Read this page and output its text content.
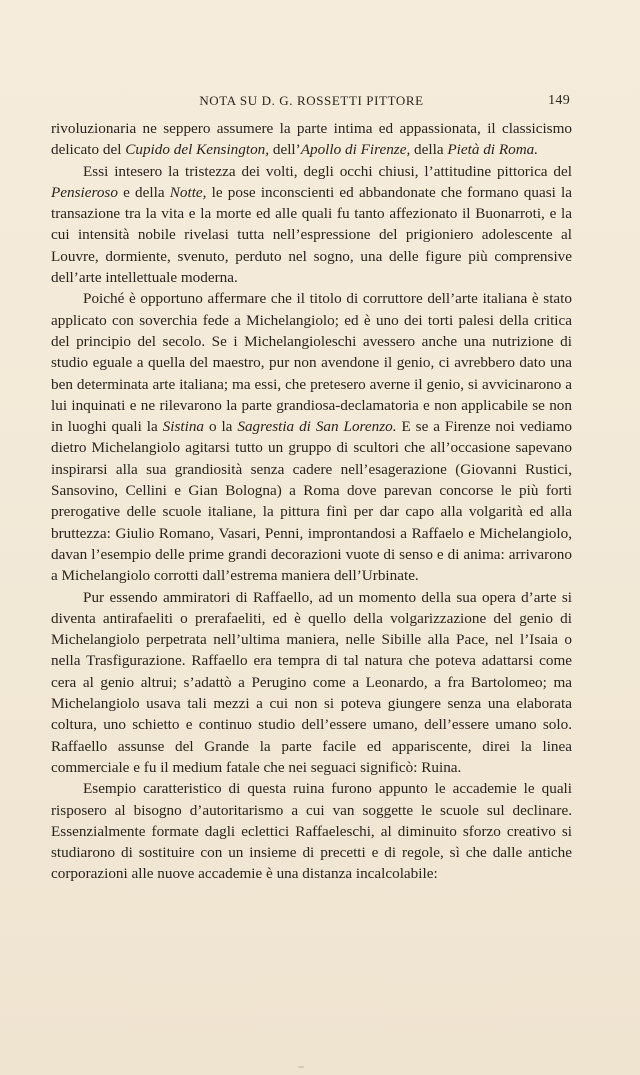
NOTA SU D. G. ROSSETTI PITTORE	149

rivoluzionaria ne seppero assumere la parte intima ed appassionata, il classicismo delicato del Cupido del Kensington, dell’Apollo di Firenze, della Pietà di Roma.

Essi intesero la tristezza dei volti, degli occhi chiusi, l’attitudine pittorica del Pensieroso e della Notte, le pose inconscienti ed abbandonate che formano quasi la transazione tra la vita e la morte ed alle quali fu tanto affezionato il Buonarroti, e la cui intensità nobile rivelasi tutta nell’espressione del prigioniero adolescente al Louvre, dormiente, svenuto, perduto nel sogno, una delle figure più comprensive dell’arte intellettuale moderna.

Poiché è opportuno affermare che il titolo di corruttore dell’arte italiana è stato applicato con soverchia fede a Michelangiolo; ed è uno dei torti palesi della critica del principio del secolo. Se i Michelangioleschi avessero anche una nutrizione di studio eguale a quella del maestro, pur non avendone il genio, ci avrebbero dato una ben determinata arte italiana; ma essi, che pretesero averne il genio, si avvicinarono a lui inquinati e ne rilevarono la parte grandiosa-declamatoria e non applicabile se non in luoghi quali la Sistina o la Sagrestia di San Lorenzo. E se a Firenze noi vediamo dietro Michelangiolo agitarsi tutto un gruppo di scultori che all’occasione sapevano inspirarsi alla sua grandiosità senza cadere nell’esagerazione (Giovanni Rustici, Sansovino, Cellini e Gian Bologna) a Roma dove parevan concorse le più forti prerogative delle scuole italiane, la pittura finì per dar capo alla volgarità ed alla bruttezza: Giulio Romano, Vasari, Penni, improntandosi a Raffaelo e Michelangiolo, davan l’esempio delle prime grandi decorazioni vuote di senso e di anima: arrivarono a Michelangiolo corrotti dall’estrema maniera dell’Urbinate.

Pur essendo ammiratori di Raffaello, ad un momento della sua opera d’arte si diventa antirafaeliti o prerafaeliti, ed è quello della volgarizzazione del genio di Michelangiolo perpetrata nell’ultima maniera, nelle Sibille alla Pace, nel l’Isaia o nella Trasfigurazione. Raffaello era tempra di tal natura che poteva adattarsi come cera al genio altrui; s’adattò a Perugino come a Leonardo, a fra Bartolomeo; ma Michelangiolo usava tali mezzi a cui non si poteva giungere senza una elaborata coltura, uno schietto e continuo studio dell’essere umano, dell’essere umano solo. Raffaello assunse del Grande la parte facile ed appariscente, direi la linea commerciale e fu il medium fatale che nei seguaci significò: Ruina.

Esempio caratteristico di questa ruina furono appunto le accademie le quali risposero al bisogno d’autoritarismo a cui van soggette le scuole sul declinare. Essenzialmente formate dagli eclettici Raffaeleschi, al diminuito sforzo creativo si studiarono di sostituire con un insieme di precetti e di regole, sì che dalle antiche corporazioni alle nuove accademie è una distanza incalcolabile:
